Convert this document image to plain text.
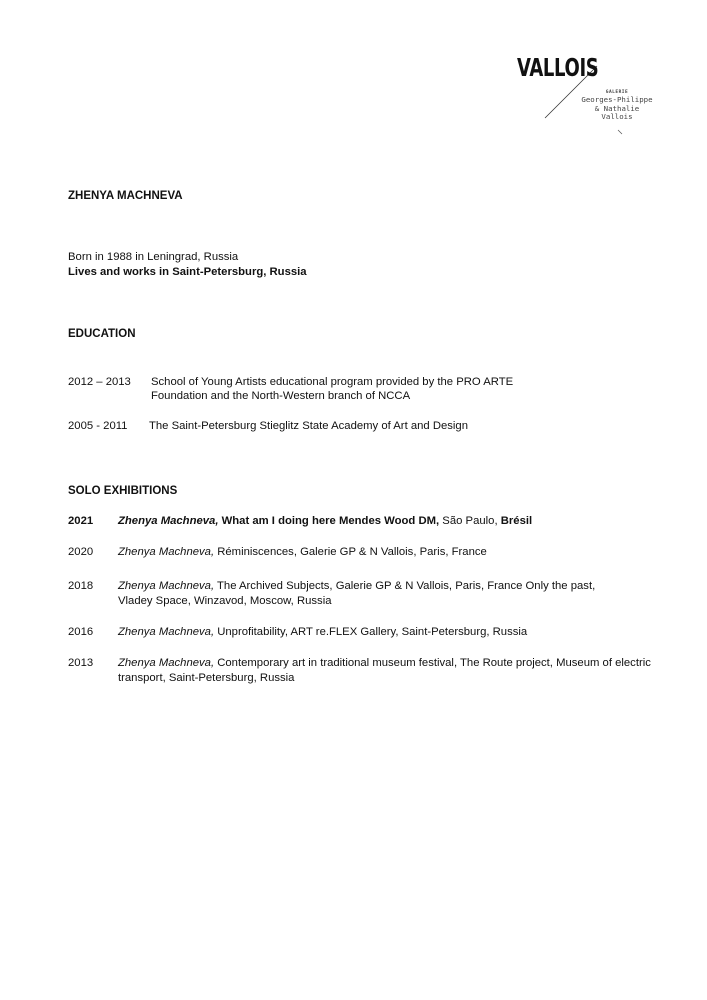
VALLOIS
GALERIE
Georges-Philippe
& Nathalie
Vallois
ZHENYA MACHNEVA
Born in 1988 in Leningrad, Russia
Lives and works in Saint-Petersburg, Russia
EDUCATION
2012 – 2013 School of Young Artists educational program provided by the PRO ARTE
Foundation and the North-Western branch of NCCA
2005 - 2011 The Saint-Petersburg Stieglitz State Academy of Art and Design
SOLO EXHIBITIONS
2021 Zhenya Machneva, What am I doing here Mendes Wood DM, São Paulo, Brésil
2020 Zhenya Machneva, Réminiscences, Galerie GP & N Vallois, Paris, France
2018 Zhenya Machneva, The Archived Subjects, Galerie GP & N Vallois, Paris, France Only the past,
Vladey Space, Winzavod, Moscow, Russia
2016 Zhenya Machneva, Unprofitability, ART re.FLEX Gallery, Saint-Petersburg, Russia
2013 Zhenya Machneva, Contemporary art in traditional museum festival, The Route project, Museum of electric
transport, Saint-Petersburg, Russia
